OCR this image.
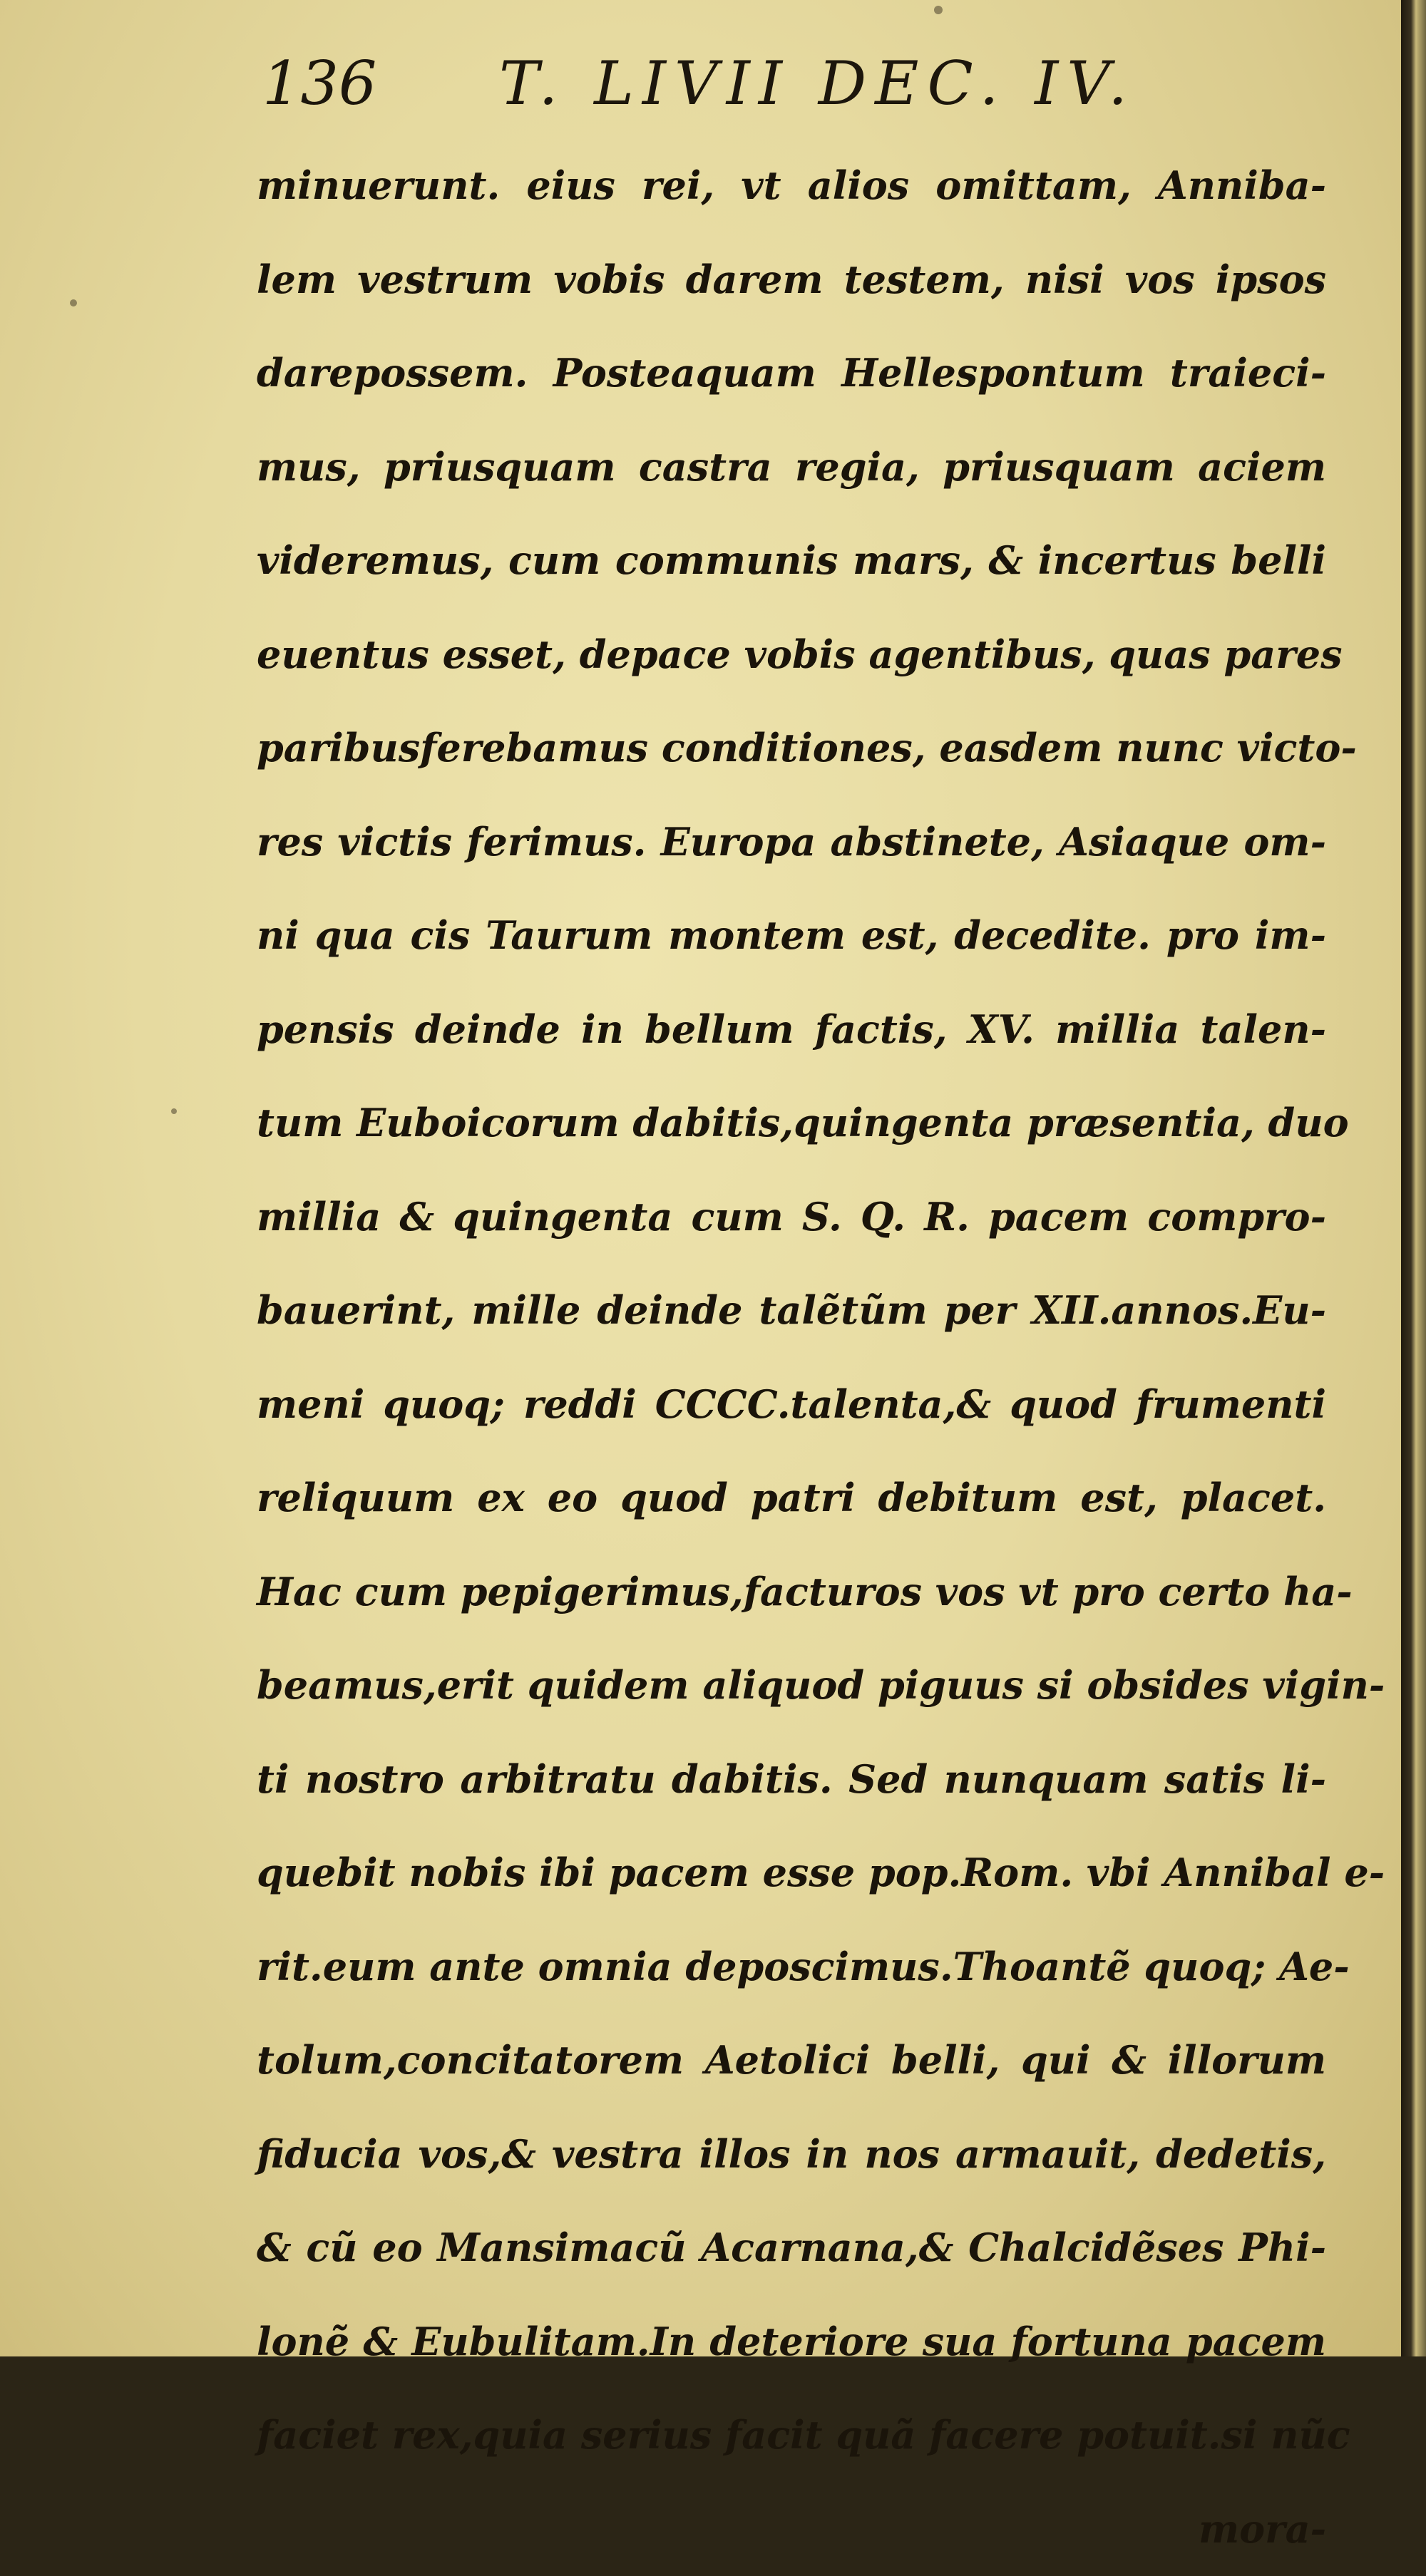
136 T. LIVII DEC. IV.
minuerunt. eius rei, vt alios omittam, Anniba-
lem vestrum vobis darem testem, nisi vos ipsos
darepossem. Posteaquam Hellespontum traieci-
mus, priusquam castra regia, priusquam aciem
videremus, cum communis mars, & incertus belli
euentus esset, depace vobis agentibus, quas pares
paribusferebamus conditiones, easdem nunc victo-
res victis ferimus. Europa abstinete, Asiaque om-
ni qua cis Taurum montem est, decedite. pro im-
pensis deinde in bellum factis, XV. millia talen-
tum Euboicorum dabitis,quingenta præsentia, duo
millia & quingenta cum S. Q. R. pacem compro-
bauerint, mille deinde talẽtũm per XII.annos.Eu-
meni quoq; reddi CCCC.talenta,& quod frumenti
reliquum ex eo quod patri debitum est, placet.
Hac cum pepigerimus,facturos vos vt pro certo ha-
beamus,erit quidem aliquod piguus si obsides vigin-
ti nostro arbitratu dabitis. Sed nunquam satis li-
quebit nobis ibi pacem esse pop.Rom. vbi Annibal e-
rit.eum ante omnia deposcimus.Thoantẽ quoq; Ae-
tolum,concitatorem Aetolici belli, qui & illorum
fiducia vos,& vestra illos in nos armauit, dedetis,
& cũ eo Mansimacũ Acarnana,& Chalcidẽses Phi-
lonẽ & Eubulitam.In deteriore sua fortuna pacem
faciet rex,quia serius facit quã facere potuit.si nũc
mora-
